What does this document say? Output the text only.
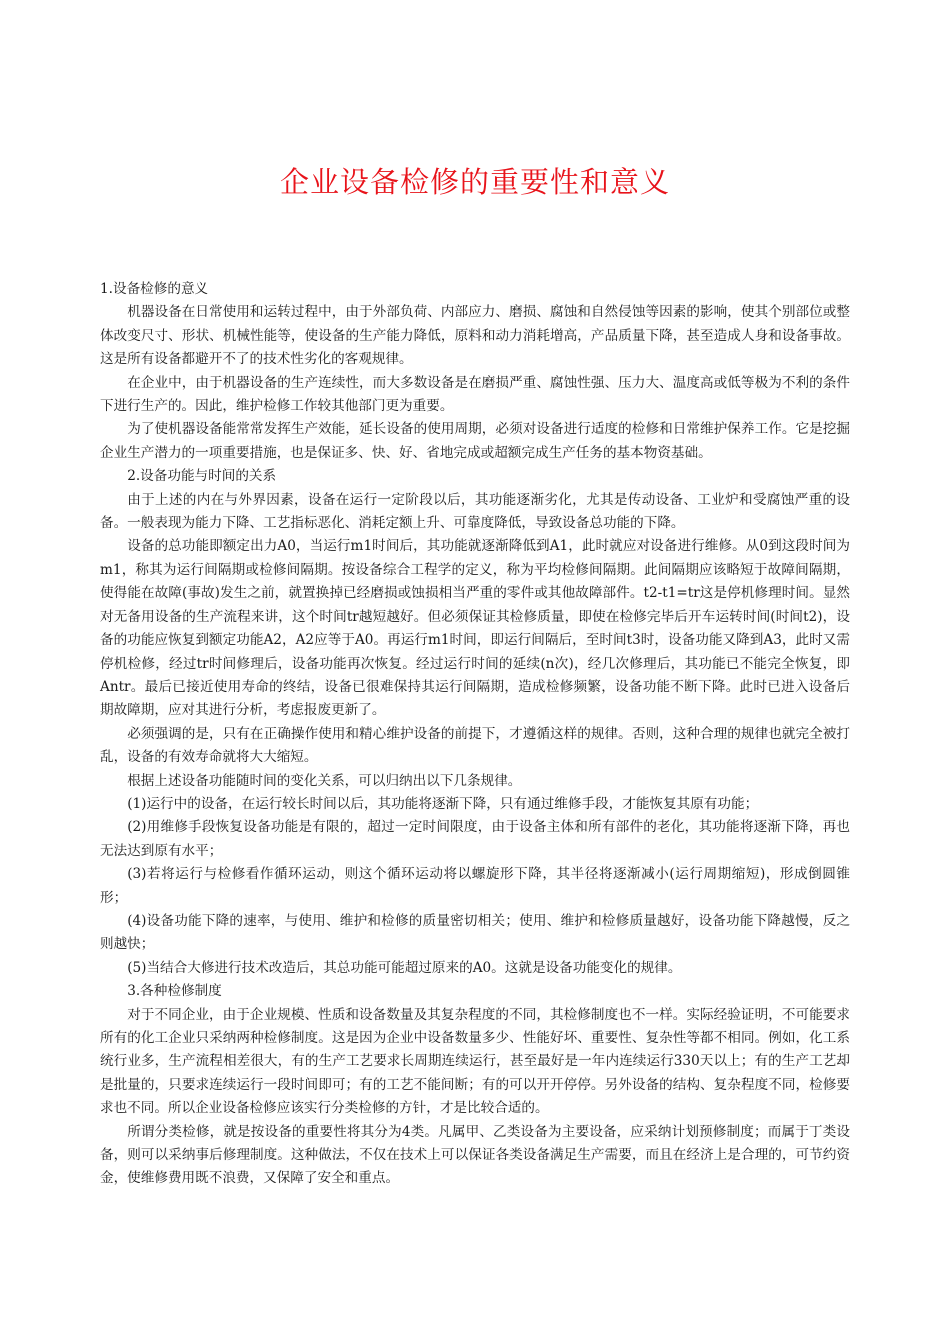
企业设备检修的重要性和意义

1.设备检修的意义

机器设备在日常使用和运转过程中，由于外部负荷、内部应力、磨损、腐蚀和自然侵蚀等因素的影响，使其个别部位或整体改变尺寸、形状、机械性能等，使设备的生产能力降低，原料和动力消耗增高，产品质量下降，甚至造成人身和设备事故。这是所有设备都避开不了的技术性劣化的客观规律。

在企业中，由于机器设备的生产连续性，而大多数设备是在磨损严重、腐蚀性强、压力大、温度高或低等极为不利的条件下进行生产的。因此，维护检修工作较其他部门更为重要。

为了使机器设备能常常发挥生产效能，延长设备的使用周期，必须对设备进行适度的检修和日常维护保养工作。它是挖掘企业生产潜力的一项重要措施，也是保证多、快、好、省地完成或超额完成生产任务的基本物资基础。

2.设备功能与时间的关系

由于上述的内在与外界因素，设备在运行一定阶段以后，其功能逐渐劣化，尤其是传动设备、工业炉和受腐蚀严重的设备。一般表现为能力下降、工艺指标恶化、消耗定额上升、可靠度降低，导致设备总功能的下降。

设备的总功能即额定出力A0，当运行m1时间后，其功能就逐渐降低到A1，此时就应对设备进行维修。从0到这段时间为m1，称其为运行间隔期或检修间隔期。按设备综合工程学的定义，称为平均检修间隔期。此间隔期应该略短于故障间隔期，使得能在故障(事故)发生之前，就置换掉已经磨损或蚀损相当严重的零件或其他故障部件。t2-t1=tr这是停机修理时间。显然对无备用设备的生产流程来讲，这个时间tr越短越好。但必须保证其检修质量，即使在检修完毕后开车运转时间(时间t2)，设备的功能应恢复到额定功能A2，A2应等于A0。再运行m1时间，即运行间隔后，至时间t3时，设备功能又降到A3，此时又需停机检修，经过tr时间修理后，设备功能再次恢复。经过运行时间的延续(n次)，经几次修理后，其功能已不能完全恢复，即Antr。最后已接近使用寿命的终结，设备已很难保持其运行间隔期，造成检修频繁，设备功能不断下降。此时已进入设备后期故障期，应对其进行分析，考虑报废更新了。

必须强调的是，只有在正确操作使用和精心维护设备的前提下，才遵循这样的规律。否则，这种合理的规律也就完全被打乱，设备的有效寿命就将大大缩短。

根据上述设备功能随时间的变化关系，可以归纳出以下几条规律。

(1)运行中的设备，在运行较长时间以后，其功能将逐渐下降，只有通过维修手段，才能恢复其原有功能；

(2)用维修手段恢复设备功能是有限的，超过一定时间限度，由于设备主体和所有部件的老化，其功能将逐渐下降，再也无法达到原有水平；

(3)若将运行与检修看作循环运动，则这个循环运动将以螺旋形下降，其半径将逐渐减小(运行周期缩短)，形成倒圆锥形；

(4)设备功能下降的速率，与使用、维护和检修的质量密切相关；使用、维护和检修质量越好，设备功能下降越慢，反之则越快；

(5)当结合大修进行技术改造后，其总功能可能超过原来的A0。这就是设备功能变化的规律。

3.各种检修制度

对于不同企业，由于企业规模、性质和设备数量及其复杂程度的不同，其检修制度也不一样。实际经验证明，不可能要求所有的化工企业只采纳两种检修制度。这是因为企业中设备数量多少、性能好坏、重要性、复杂性等都不相同。例如，化工系统行业多，生产流程相差很大，有的生产工艺要求长周期连续运行，甚至最好是一年内连续运行330天以上；有的生产工艺却是批量的，只要求连续运行一段时间即可；有的工艺不能间断；有的可以开开停停。另外设备的结构、复杂程度不同，检修要求也不同。所以企业设备检修应该实行分类检修的方针，才是比较合适的。

所谓分类检修，就是按设备的重要性将其分为4类。凡属甲、乙类设备为主要设备，应采纳计划预修制度；而属于丁类设备，则可以采纳事后修理制度。这种做法，不仅在技术上可以保证各类设备满足生产需要，而且在经济上是合理的，可节约资金，使维修费用既不浪费，又保障了安全和重点。
